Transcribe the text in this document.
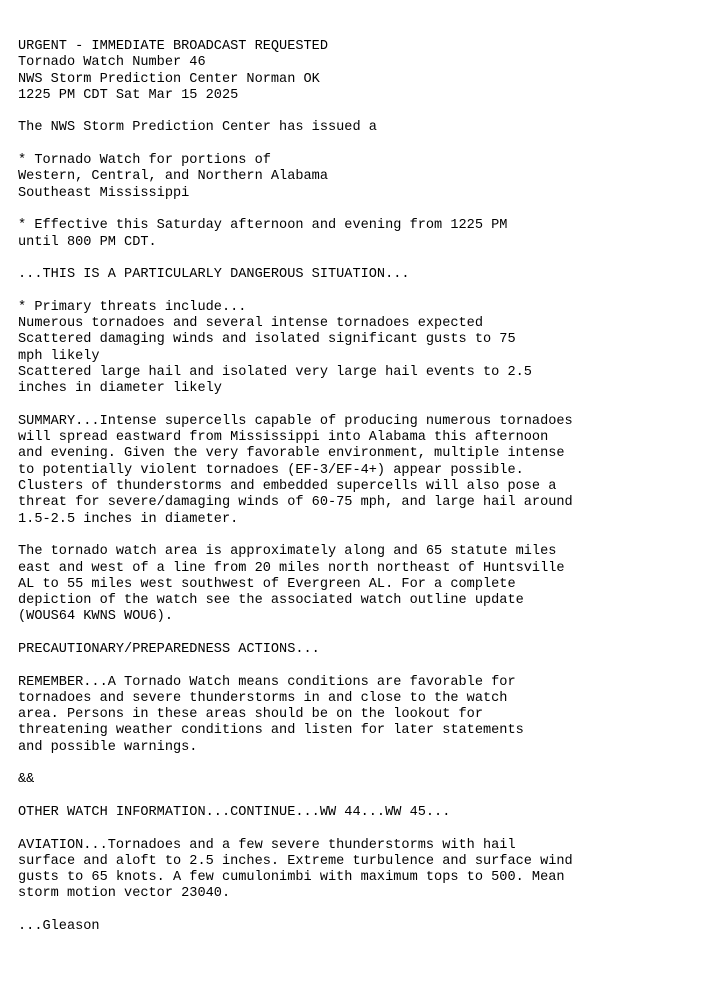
URGENT - IMMEDIATE BROADCAST REQUESTED
Tornado Watch Number 46
NWS Storm Prediction Center Norman OK
1225 PM CDT Sat Mar 15 2025
The NWS Storm Prediction Center has issued a
* Tornado Watch for portions of
Western, Central, and Northern Alabama
Southeast Mississippi
* Effective this Saturday afternoon and evening from 1225 PM
until 800 PM CDT.
...THIS IS A PARTICULARLY DANGEROUS SITUATION...
* Primary threats include...
Numerous tornadoes and several intense tornadoes expected
Scattered damaging winds and isolated significant gusts to 75
mph likely
Scattered large hail and isolated very large hail events to 2.5
inches in diameter likely
SUMMARY...Intense supercells capable of producing numerous tornadoes
will spread eastward from Mississippi into Alabama this afternoon
and evening. Given the very favorable environment, multiple intense
to potentially violent tornadoes (EF-3/EF-4+) appear possible.
Clusters of thunderstorms and embedded supercells will also pose a
threat for severe/damaging winds of 60-75 mph, and large hail around
1.5-2.5 inches in diameter.
The tornado watch area is approximately along and 65 statute miles
east and west of a line from 20 miles north northeast of Huntsville
AL to 55 miles west southwest of Evergreen AL. For a complete
depiction of the watch see the associated watch outline update
(WOUS64 KWNS WOU6).
PRECAUTIONARY/PREPAREDNESS ACTIONS...
REMEMBER...A Tornado Watch means conditions are favorable for
tornadoes and severe thunderstorms in and close to the watch
area. Persons in these areas should be on the lookout for
threatening weather conditions and listen for later statements
and possible warnings.
&&
OTHER WATCH INFORMATION...CONTINUE...WW 44...WW 45...
AVIATION...Tornadoes and a few severe thunderstorms with hail
surface and aloft to 2.5 inches. Extreme turbulence and surface wind
gusts to 65 knots. A few cumulonimbi with maximum tops to 500. Mean
storm motion vector 23040.
...Gleason
